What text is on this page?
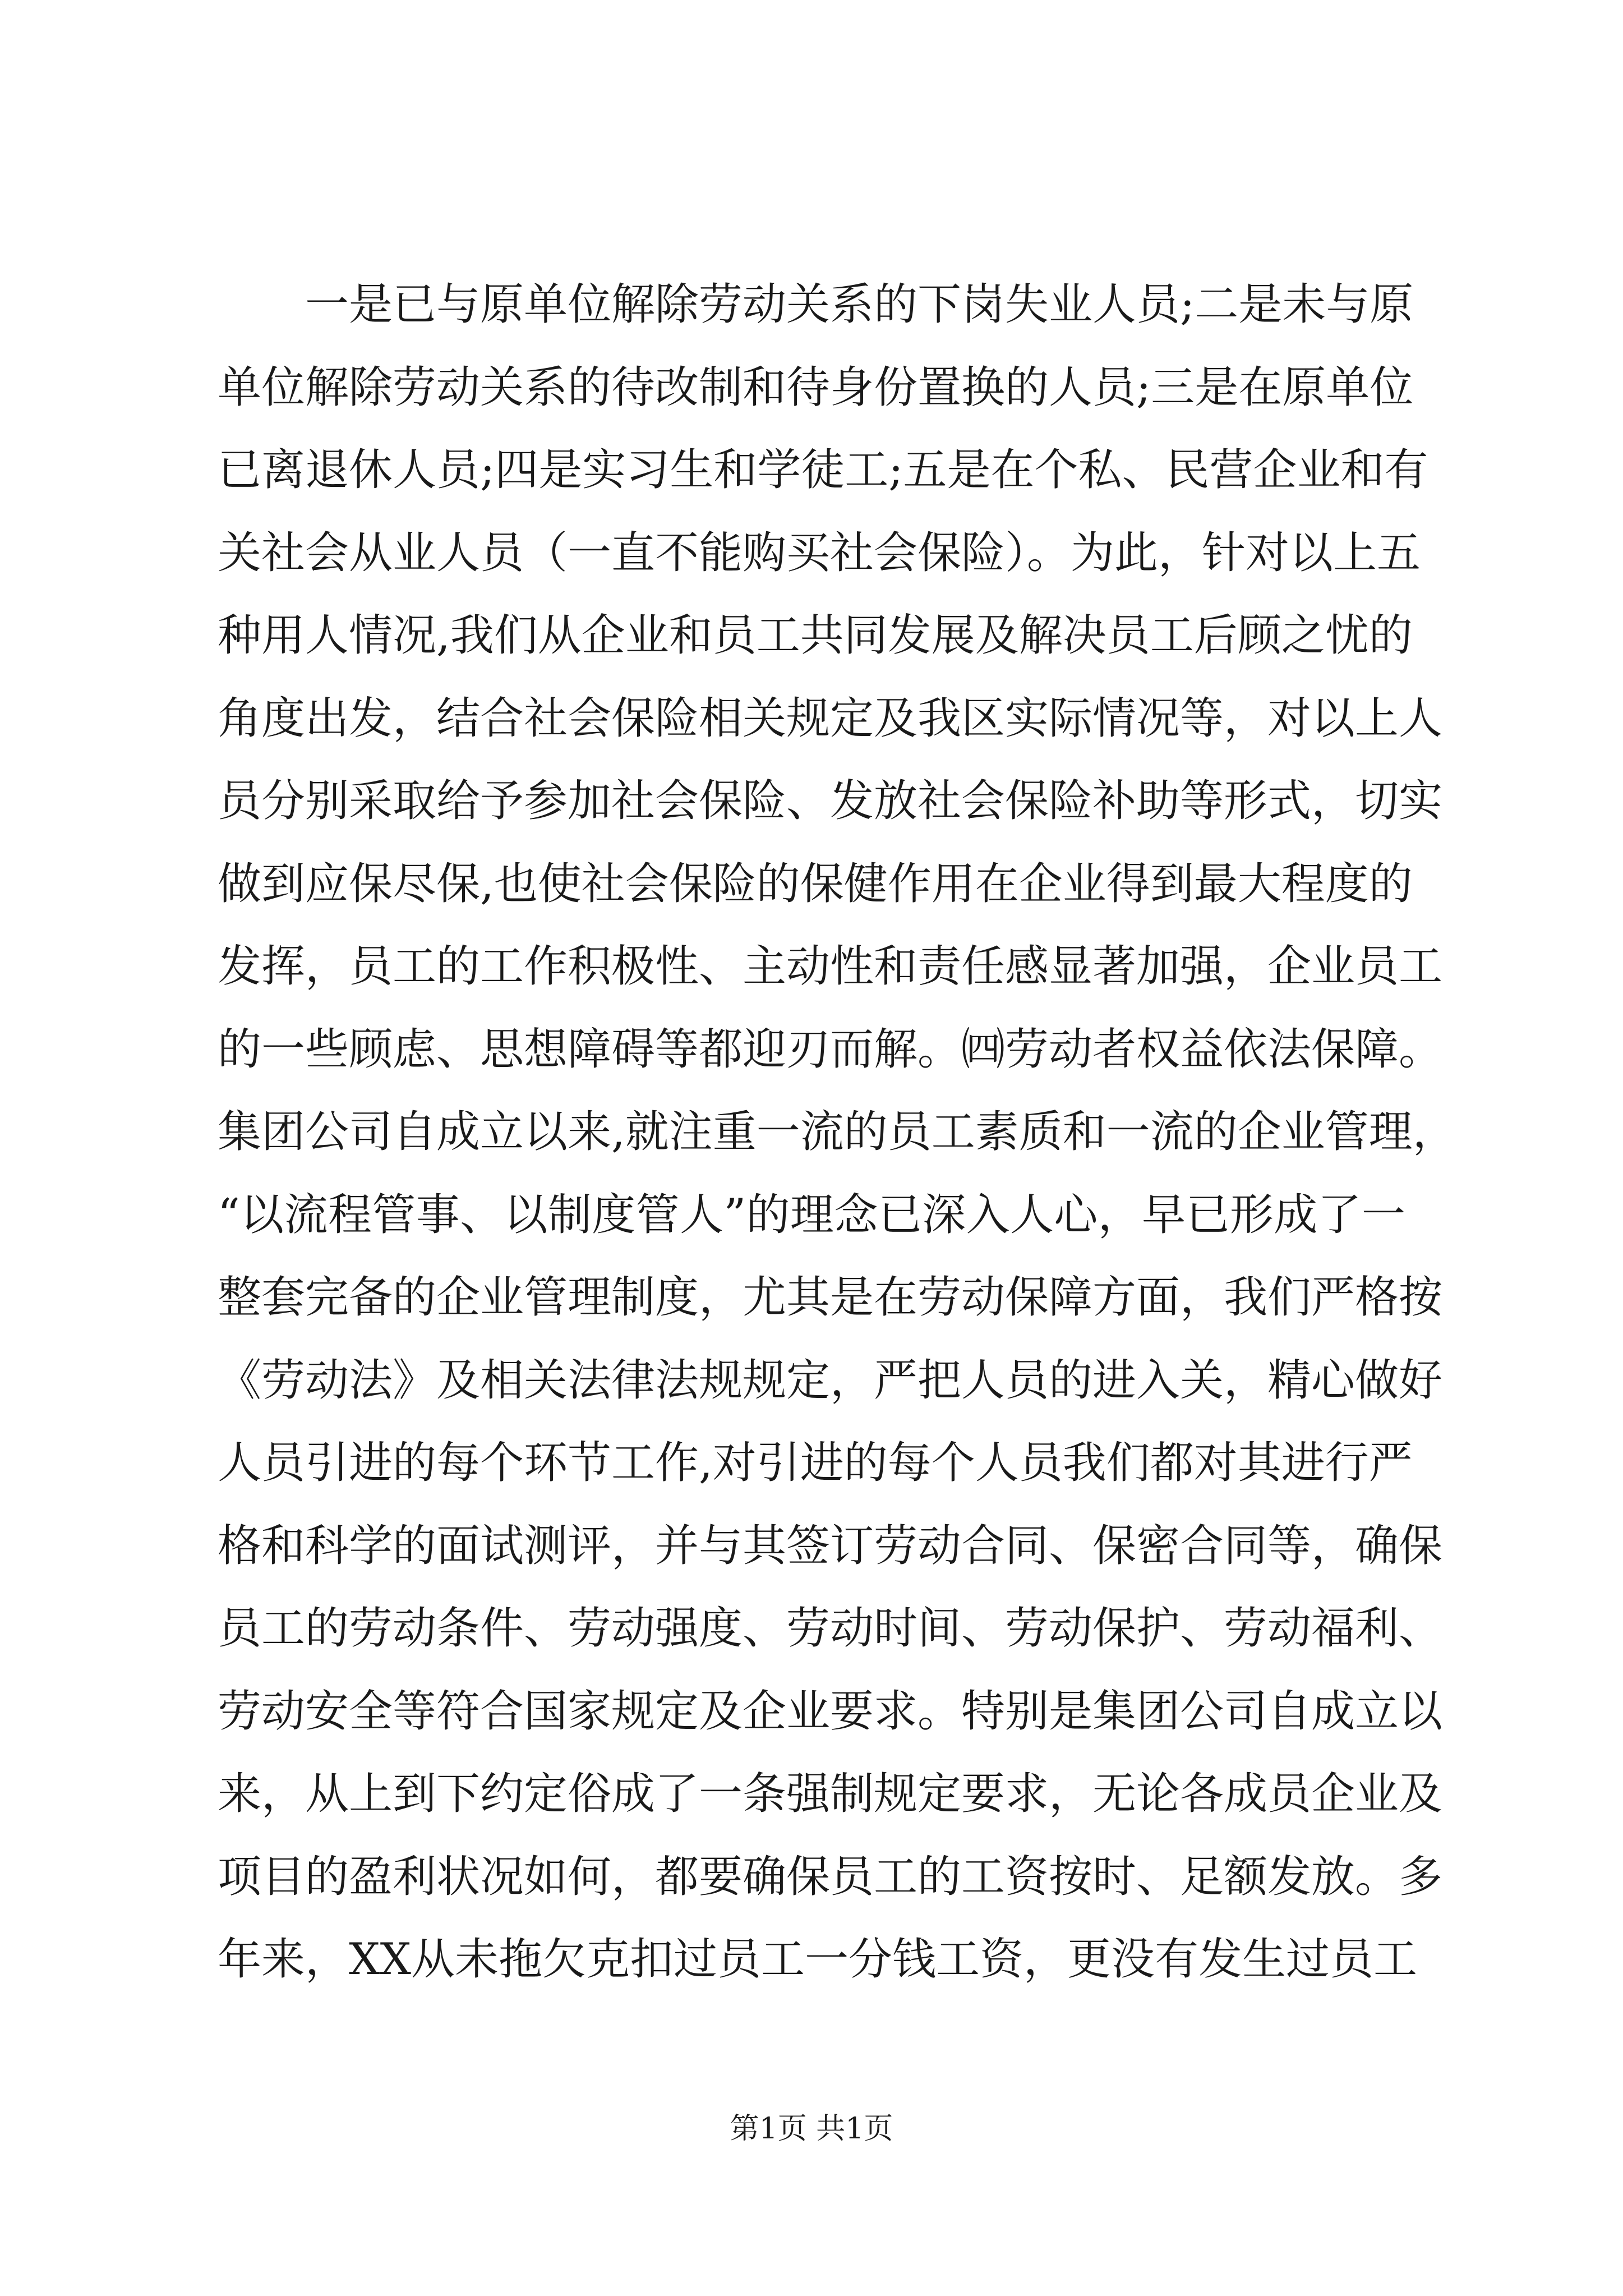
一是已与原单位解除劳动关系的下岗失业人员;二是未与原
单位解除劳动关系的待改制和待身份置换的人员;三是在原单位
已离退休人员;四是实习生和学徒工;五是在个私、民营企业和有
关社会从业人员（一直不能购买社会保险）。为此，针对以上五
种用人情况,我们从企业和员工共同发展及解决员工后顾之忧的
角度出发，结合社会保险相关规定及我区实际情况等，对以上人
员分别采取给予参加社会保险、发放社会保险补助等形式，切实
做到应保尽保,也使社会保险的保健作用在企业得到最大程度的
发挥，员工的工作积极性、主动性和责任感显著加强，企业员工
的一些顾虑、思想障碍等都迎刃而解。㈣劳动者权益依法保障。
集团公司自成立以来,就注重一流的员工素质和一流的企业管理，
“以流程管事、以制度管人”的理念已深入人心，早已形成了一
整套完备的企业管理制度，尤其是在劳动保障方面，我们严格按
《劳动法》及相关法律法规规定，严把人员的进入关，精心做好
人员引进的每个环节工作,对引进的每个人员我们都对其进行严
格和科学的面试测评，并与其签订劳动合同、保密合同等，确保
员工的劳动条件、劳动强度、劳动时间、劳动保护、劳动福利、
劳动安全等符合国家规定及企业要求。特别是集团公司自成立以
来，从上到下约定俗成了一条强制规定要求，无论各成员企业及
项目的盈利状况如何，都要确保员工的工资按时、足额发放。多
年来，XX从未拖欠克扣过员工一分钱工资，更没有发生过员工
第1页 共1页
